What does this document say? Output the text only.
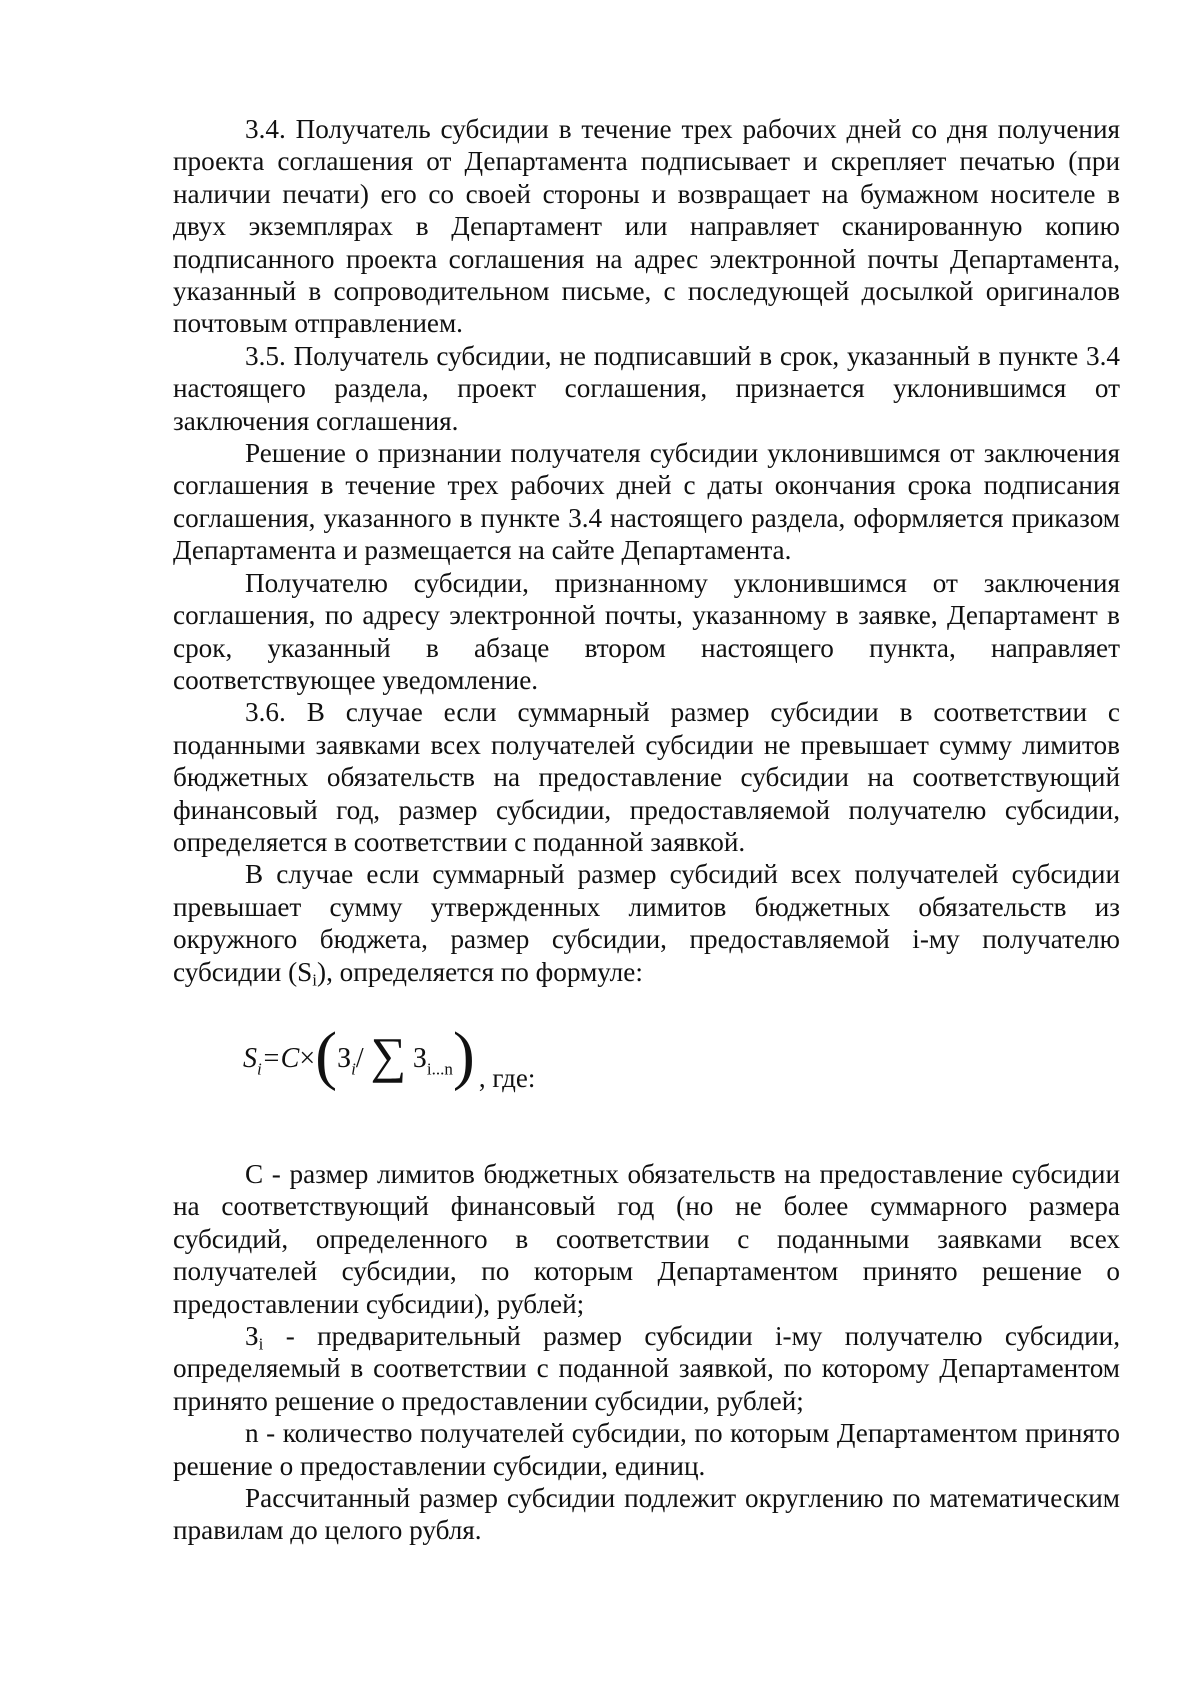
3.4. Получатель субсидии в течение трех рабочих дней со дня получения проекта соглашения от Департамента подписывает и скрепляет печатью (при наличии печати) его со своей стороны и возвращает на бумажном носителе в двух экземплярах в Департамент или направляет сканированную копию подписанного проекта соглашения на адрес электронной почты Департамента, указанный в сопроводительном письме, с последующей досылкой оригиналов почтовым отправлением.

3.5. Получатель субсидии, не подписавший в срок, указанный в пункте 3.4 настоящего раздела, проект соглашения, признается уклонившимся от заключения соглашения.

Решение о признании получателя субсидии уклонившимся от заключения соглашения в течение трех рабочих дней с даты окончания срока подписания соглашения, указанного в пункте 3.4 настоящего раздела, оформляется приказом Департамента и размещается на сайте Департамента.

Получателю субсидии, признанному уклонившимся от заключения соглашения, по адресу электронной почты, указанному в заявке, Департамент в срок, указанный в абзаце втором настоящего пункта, направляет соответствующее уведомление.

3.6. В случае если суммарный размер субсидии в соответствии с поданными заявками всех получателей субсидии не превышает сумму лимитов бюджетных обязательств на предоставление субсидии на соответствующий финансовый год, размер субсидии, предоставляемой получателю субсидии, определяется в соответствии с поданной заявкой.

В случае если суммарный размер субсидий всех получателей субсидии превышает сумму утвержденных лимитов бюджетных обязательств из окружного бюджета, размер субсидии, предоставляемой i-му получателю субсидии $(S_i)$, определяется по формуле:

$S_i=C\times(З_i/$ ∑ $З_{i...n}$) , где:

С - размер лимитов бюджетных обязательств на предоставление субсидии на соответствующий финансовый год (но не более суммарного размера субсидий, определенного в соответствии с поданными заявками всех получателей субсидии, по которым Департаментом принято решение о предоставлении субсидии), рублей;

$З_i$ - предварительный размер субсидии i-му получателю субсидии, определяемый в соответствии с поданной заявкой, по которому Департаментом принято решение о предоставлении субсидии, рублей;

n - количество получателей субсидии, по которым Департаментом принято решение о предоставлении субсидии, единиц.

Рассчитанный размер субсидии подлежит округлению по математическим правилам до целого рубля.
